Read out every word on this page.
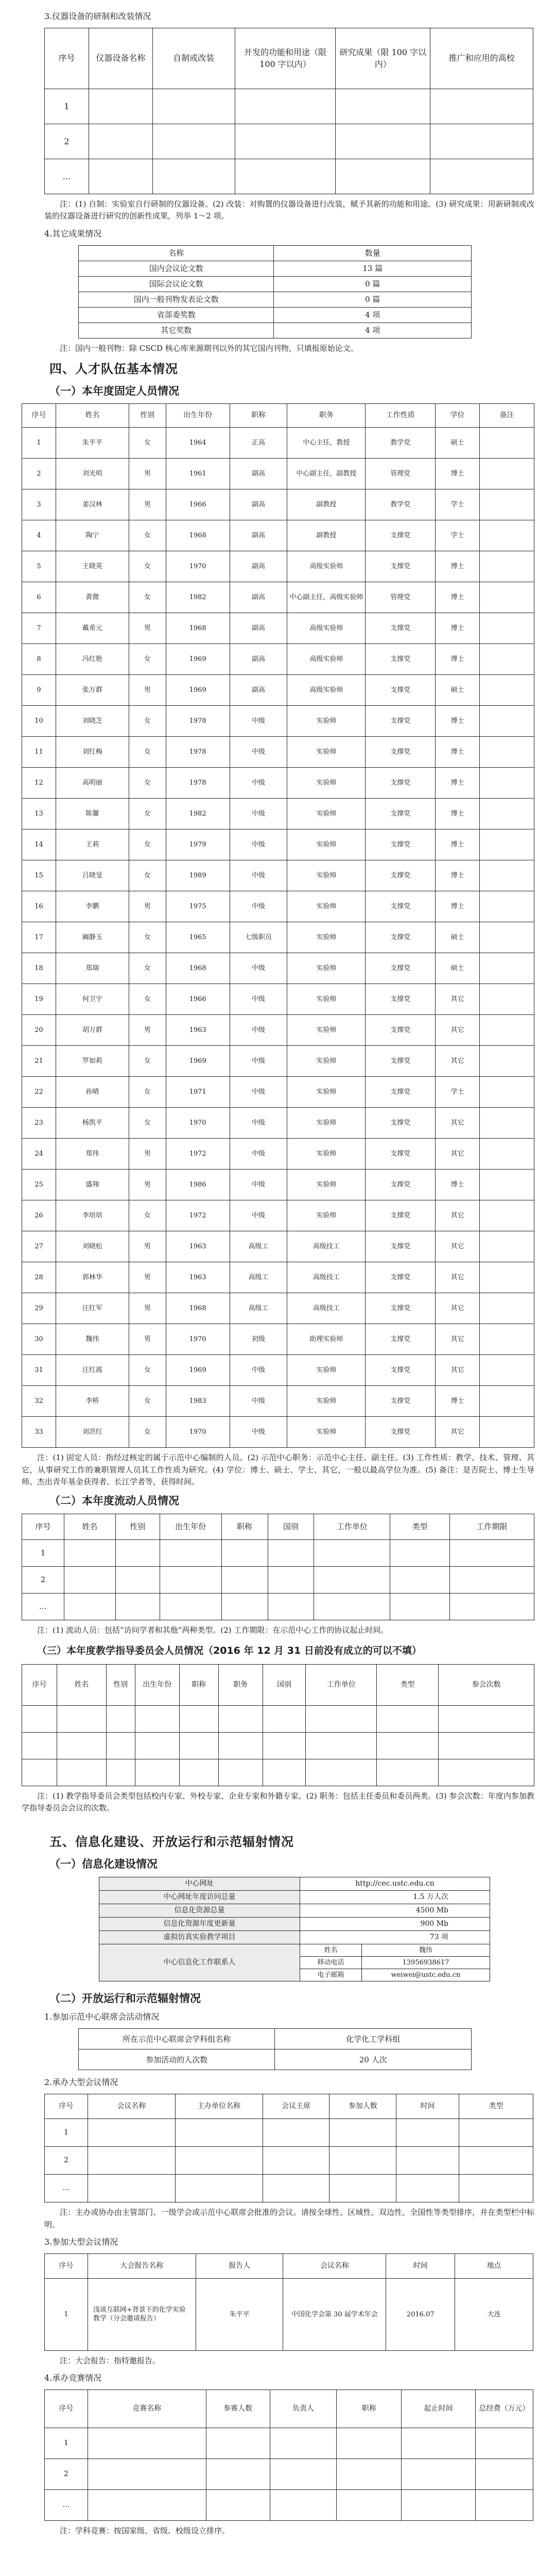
3.仪器设备的研制和改装情况
序号	仪器设备名称	自制或改装	开发的功能和用途（限 100 字以内）	研究成果（限 100 字以内）	推广和应用的高校
1					
2					
…					
注：(1) 自制：实验室自行研制的仪器设备。(2) 改装：对购置的仪器设备进行改装，赋予其新的功能和用途。(3) 研究成果：用新研制或改装的仪器设备进行研究的创新性成果，列举 1～2 项。
4.其它成果情况
名称	数量
国内会议论文数	13 篇
国际会议论文数	0 篇
国内一般刊物发表论文数	0 篇
省部委奖数	4 项
其它奖数	4 项
注：国内一般刊物：除 CSCD 核心库来源期刊以外的其它国内刊物，只填报原始论文。
四、人才队伍基本情况
（一）本年度固定人员情况
序号	姓名	性别	出生年份	职称	职务	工作性质	学位	备注
1	朱平平	女	1964	正高	中心主任，教授	教学党	硕士	
2	刘光明	男	1961	副高	中心副主任，副教授	管理党	博士	
3	姜汉林	男	1966	副高	副教授	教学党	学士	
4	陶宁	女	1968	副高	副教授	支撑党	学士	
5	王晓英	女	1970	副高	高级实验师	支撑党	博士	
6	黄微	女	1982	副高	中心副主任，高级实验师	管理党	博士	
7	戴希元	男	1968	副高	高级实验师	支撑党	博士	
8	冯红艳	女	1969	副高	高级实验师	支撑党	博士	
9	张万群	男	1969	副高	高级实验师	支撑党	硕士	
10	刘晓芝	女	1978	中级	实验师	支撑党	博士	
11	刘红梅	女	1978	中级	实验师	支撑党	博士	
12	高明丽	女	1978	中级	实验师	支撑党	博士	
13	陈馨	女	1982	中级	实验师	支撑党	博士	
14	王莉	女	1979	中级	实验师	支撑党	博士	
15	吕晓旻	女	1989	中级	实验师	支撑党	博士	
16	李鹏	男	1975	中级	实验师	支撑党	博士	
17	阚静玉	女	1965	七级职员	实验师	支撑党	硕士	
18	郑瑞	女	1968	中级	实验师	支撑党	硕士	
19	何卫宇	女	1966	中级	实验师	支撑党	其它	
20	胡万群	男	1963	中级	实验师	支撑党	其它	
21	罗如莉	女	1969	中级	实验师	支撑党	其它	
22	孙晴	女	1971	中级	实验师	支撑党	学士	
23	杨凯平	女	1970	中级	实验师	支撑党	其它	
24	郑伟	男	1972	中级	实验师	支撑党	其它	
25	盛翔	男	1986	中级	实验师	支撑党	博士	
26	李培培	女	1972	中级	实验师	支撑党	其它	
27	刘晓松	男	1963	高级工	高级技工	支撑党	其它	
28	郭林华	男	1963	高级工	高级技工	支撑党	其它	
29	汪红军	男	1968	高级工	高级技工	支撑党	其它	
30	魏伟	男	1970	初级	助理实验师	支撑党	其它	
31	汪红霞	女	1969	中级	实验师	支撑党	其它	
32	李桥	女	1983	中级	实验师	支撑党	博士	
33	刘洪红	女	1970	中级	实验师	支撑党	其它	
注：(1) 固定人员：指经过核定的属于示范中心编制的人员。(2) 示范中心职务：示范中心主任、副主任。(3) 工作性质：教学、技术、管理、其它，从事研究工作的兼职管理人员其工作性质为研究。(4) 学位：博士、硕士、学士、其它，一般以最高学位为准。(5) 备注：是否院士、博士生导师、杰出青年基金获得者、长江学者等，获得时间。
（二）本年度流动人员情况
序号	姓名	性别	出生年份	职称	国别	工作单位	类型	工作期限
1								
2								
…								
注：(1) 流动人员：包括“访问学者和其他”两种类型。(2) 工作期限：在示范中心工作的协议起止时间。
（三）本年度教学指导委员会人员情况（2016 年 12 月 31 日前没有成立的可以不填）
序号	姓名	性别	出生年份	职称	职务	国别	工作单位	类型	参会次数

注：(1) 教学指导委员会类型包括校内专家、外校专家、企业专家和外籍专家。(2) 职务：包括主任委员和委员两类。(3) 参会次数：年度内参加教学指导委员会会议的次数。
五、信息化建设、开放运行和示范辐射情况
（一）信息化建设情况
中心网址	http://cec.ustc.edu.cn	
中心网址年度访问总量	1.5 万人次	
信息化资源总量	4500 Mb	
信息化资源年度更新量	900 Mb	
虚拟仿真实验教学项目	73 项	
中心信息化工作联系人	姓名	魏伟
	移动电话	13956938617
	电子邮箱	weiwei@ustc.edu.cn
（二）开放运行和示范辐射情况
1.参加示范中心联席会活动情况
所在示范中心联席会学科组名称	化学化工学科组
参加活动的人次数	20 人次
2.承办大型会议情况
序号	会议名称	主办单位名称	会议主席	参加人数	时间	类型
1						
2						
…						
注：主办或协办由主管部门、一级学会或示范中心联席会批准的会议。请按全球性、区域性、双边性、全国性等类型排序，并在类型栏中标明。
3.参加大型会议情况
序号	大会报告名称	报告人	会议名称	时间	地点
1	浅谈互联网+背景下的化学实验教学（分会邀请报告）	朱平平	中国化学会第 30 届学术年会	2016.07	大连
注：大会报告：指特邀报告。
4.承办竞赛情况
序号	竞赛名称	参赛人数	负责人	职称	起止时间	总经费（万元）
1						
2						
…						
注：学科竞赛：按国家级、省级、校级设立排序。
